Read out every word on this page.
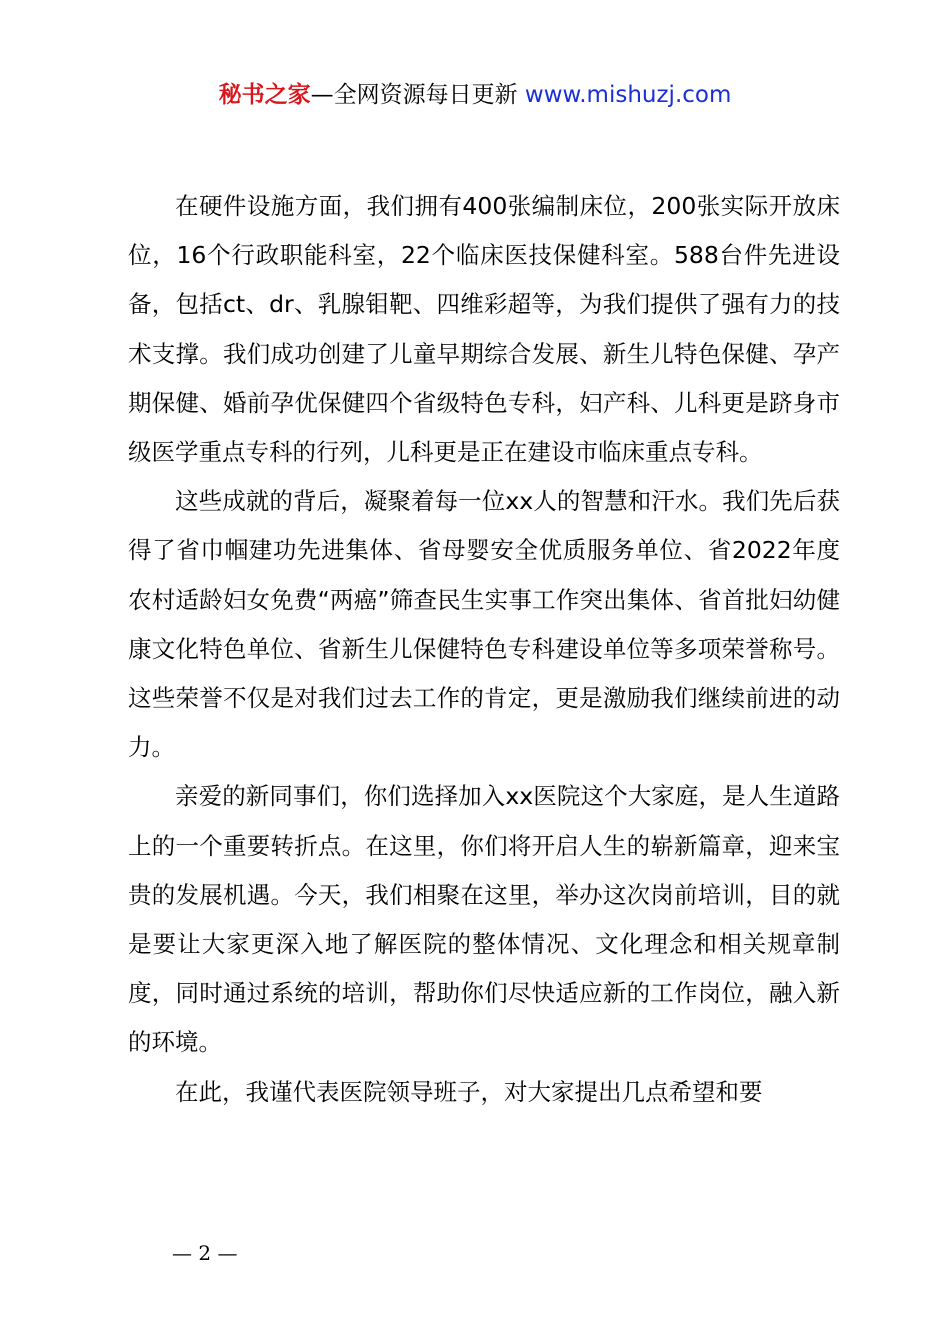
秘书之家—全网资源每日更新 www.mishuzj.com

在硬件设施方面，我们拥有400张编制床位，200张实际开放床位，16个行政职能科室，22个临床医技保健科室。588台件先进设备，包括ct、dr、乳腺钼靶、四维彩超等，为我们提供了强有力的技术支撑。我们成功创建了儿童早期综合发展、新生儿特色保健、孕产期保健、婚前孕优保健四个省级特色专科，妇产科、儿科更是跻身市级医学重点专科的行列，儿科更是正在建设市临床重点专科。

这些成就的背后，凝聚着每一位xx人的智慧和汗水。我们先后获得了省巾帼建功先进集体、省母婴安全优质服务单位、省2022年度农村适龄妇女免费“两癌”筛查民生实事工作突出集体、省首批妇幼健康文化特色单位、省新生儿保健特色专科建设单位等多项荣誉称号。这些荣誉不仅是对我们过去工作的肯定，更是激励我们继续前进的动力。

亲爱的新同事们，你们选择加入xx医院这个大家庭，是人生道路上的一个重要转折点。在这里，你们将开启人生的崭新篇章，迎来宝贵的发展机遇。今天，我们相聚在这里，举办这次岗前培训，目的就是要让大家更深入地了解医院的整体情况、文化理念和相关规章制度，同时通过系统的培训，帮助你们尽快适应新的工作岗位，融入新的环境。

在此，我谨代表医院领导班子，对大家提出几点希望和要

— 2 —
